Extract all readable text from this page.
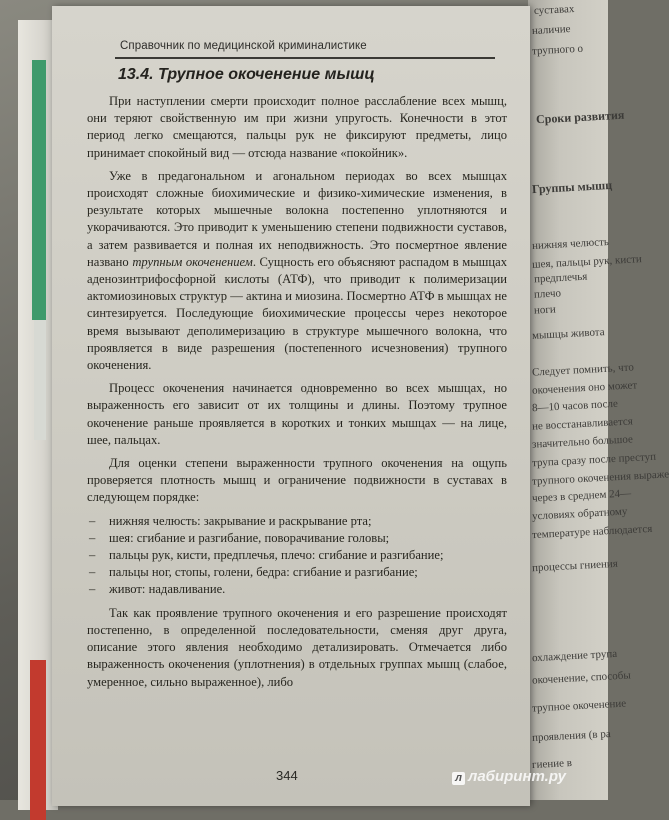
суставах
наличие
трупного о
Сроки развития
Группы мышц
нижняя челюсть
шея, пальцы рук, кисти
предплечья
плечо
ноги
мышцы живота
Следует помнить, что
окоченения оно может
8—10 часов после
не восстанавливается
значительно большое
трупа сразу после преступ
трупного окоченения выраже
через в среднем 24—
условиях обратному
температуре наблюдается
процессы гниения
охлаждение трупа
окоченение, способы
трупное окоченение
проявления (в ра
гиение в
Справочник по медицинской криминалистике
13.4. Трупное окоченение мышц

При наступлении смерти происходит полное расслабление всех мышц, они теряют свойственную им при жизни упругость. Конечности в этот период легко смещаются, пальцы рук не фиксируют предметы, лицо принимает спокойный вид — отсюда название «покойник».

Уже в предагональном и агональном периодах во всех мышцах происходят сложные биохимические и физико-химические изменения, в результате которых мышечные волокна постепенно уплотняются и укорачиваются. Это приводит к уменьшению степени подвижности суставов, а затем развивается и полная их неподвижность. Это посмертное явление названо трупным окоченением. Сущность его объясняют распадом в мышцах аденозинтрифосфорной кислоты (АТФ), что приводит к полимеризации актомиозиновых структур — актина и миозина. Посмертно АТФ в мышцах не синтезируется. Последующие биохимические процессы через некоторое время вызывают деполимеризацию в структуре мышечного волокна, что проявляется в виде разрешения (постепенного исчезновения) трупного окоченения.

Процесс окоченения начинается одновременно во всех мышцах, но выраженность его зависит от их толщины и длины. Поэтому трупное окоченение раньше проявляется в коротких и тонких мышцах — на лице, шее, пальцах.

Для оценки степени выраженности трупного окоченения на ощупь проверяется плотность мышц и ограничение подвижности в суставах в следующем порядке:

– нижняя челюсть: закрывание и раскрывание рта;
– шея: сгибание и разгибание, поворачивание головы;
– пальцы рук, кисти, предплечья, плечо: сгибание и разгибание;
– пальцы ног, стопы, голени, бедра: сгибание и разгибание;
– живот: надавливание.

Так как проявление трупного окоченения и его разрешение происходят постепенно, в определенной последовательности, сменяя друг друга, описание этого явления необходимо детализировать. Отмечается либо выраженность окоченения (уплотнения) в отдельных группах мышц (слабое, умеренное, сильно выраженное), либо

344	л лабиринт.ру
